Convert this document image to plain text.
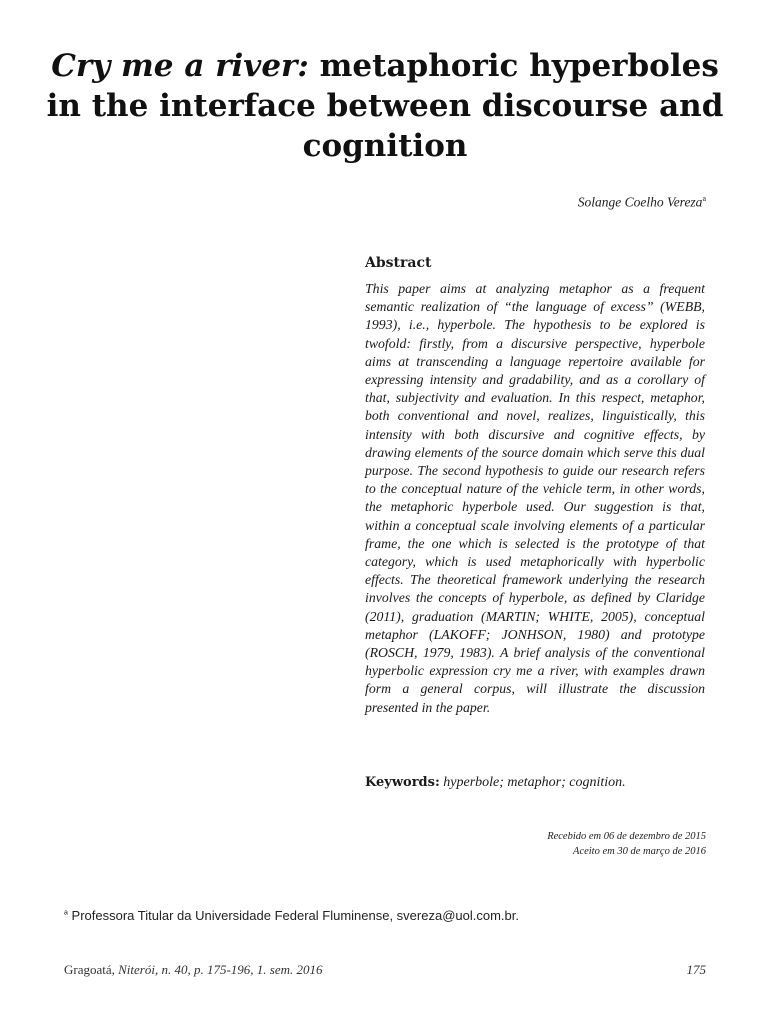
Cry me a river: metaphoric hyperboles in the interface between discourse and cognition
Solange Coelho Vereza$^a$
Abstract
This paper aims at analyzing metaphor as a frequent semantic realization of “the language of excess” (WEBB, 1993), i.e., hyperbole. The hypothesis to be explored is twofold: firstly, from a discursive perspective, hyperbole aims at transcending a language repertoire available for expressing intensity and gradability, and as a corollary of that, subjectivity and evaluation. In this respect, metaphor, both conventional and novel, realizes, linguistically, this intensity with both discursive and cognitive effects, by drawing elements of the source domain which serve this dual purpose. The second hypothesis to guide our research refers to the conceptual nature of the vehicle term, in other words, the metaphoric hyperbole used. Our suggestion is that, within a conceptual scale involving elements of a particular frame, the one which is selected is the prototype of that category, which is used metaphorically with hyperbolic effects. The theoretical framework underlying the research involves the concepts of hyperbole, as defined by Claridge (2011), graduation (MARTIN; WHITE, 2005), conceptual metaphor (LAKOFF; JONHSON, 1980) and prototype (ROSCH, 1979, 1983). A brief analysis of the conventional hyperbolic expression cry me a river, with examples drawn form a general corpus, will illustrate the discussion presented in the paper.
Keywords: hyperbole; metaphor; cognition.
Recebido em 06 de dezembro de 2015
Aceito em 30 de março de 2016
$^a$ Professora Titular da Universidade Federal Fluminense, svereza@uol.com.br.
Gragoatá, Niterói, n. 40, p. 175-196, 1. sem. 2016	175
